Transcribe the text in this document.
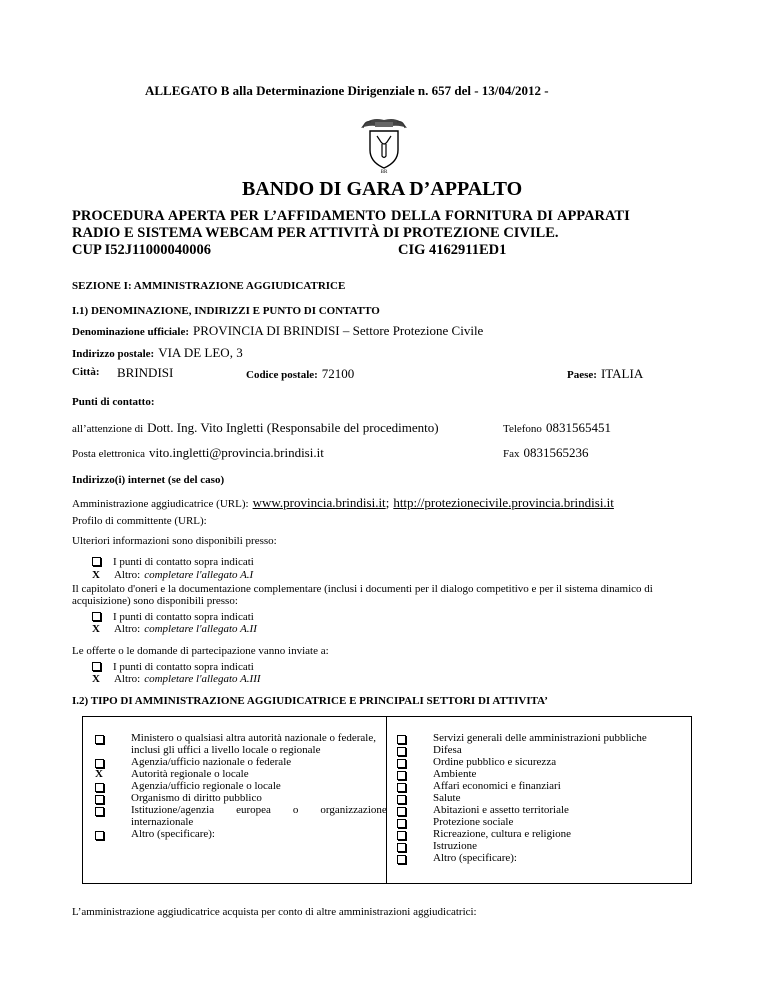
ALLEGATO B alla Determinazione Dirigenziale n. 657 del - 13/04/2012 -
BR
BANDO DI GARA D’APPALTO
PROCEDURA APERTA PER L’AFFIDAMENTO DELLA FORNITURA DI APPARATI
RADIO E SISTEMA WEBCAM PER ATTIVITÀ DI PROTEZIONE CIVILE.
CUP I52J11000040006	CIG 4162911ED1
SEZIONE I: AMMINISTRAZIONE AGGIUDICATRICE
I.1) DENOMINAZIONE, INDIRIZZI E PUNTO DI CONTATTO
Denominazione ufficiale: PROVINCIA DI BRINDISI – Settore Protezione Civile
Indirizzo postale: VIA DE LEO, 3
Città: BRINDISI	Codice postale: 72100	Paese: ITALIA
Punti di contatto:
all’attenzione di Dott. Ing. Vito Ingletti (Responsabile del procedimento)	Telefono 0831565451
Posta elettronica vito.ingletti@provincia.brindisi.it	Fax 0831565236
Indirizzo(i) internet (se del caso)
Amministrazione aggiudicatrice (URL): www.provincia.brindisi.it; http://protezionecivile.provincia.brindisi.it
Profilo di committente (URL):
Ulteriori informazioni sono disponibili presso:
I punti di contatto sopra indicati
X Altro: completare l'allegato A.I
Il capitolato d'oneri e la documentazione complementare (inclusi i documenti per il dialogo competitivo e per il sistema dinamico di
acquisizione) sono disponibili presso:
I punti di contatto sopra indicati
X Altro: completare l'allegato A.II
Le offerte o le domande di partecipazione vanno inviate a:
I punti di contatto sopra indicati
X Altro: completare l'allegato A.III
I.2) TIPO DI AMMINISTRAZIONE AGGIUDICATRICE E PRINCIPALI SETTORI DI ATTIVITA’
Ministero o qualsiasi altra autorità nazionale o federale,
inclusi gli uffici a livello locale o regionale
Agenzia/ufficio nazionale o federale
X	Autorità regionale o locale
Agenzia/ufficio regionale o locale
Organismo di diritto pubblico
Istituzione/agenzia        europea        o        organizzazione
internazionale
Altro (specificare):
Servizi generali delle amministrazioni pubbliche
Difesa
Ordine pubblico e sicurezza
Ambiente
Affari economici e finanziari
Salute
Abitazioni e assetto territoriale
Protezione sociale
Ricreazione, cultura e religione
Istruzione
Altro (specificare):
L’amministrazione aggiudicatrice acquista per conto di altre amministrazioni aggiudicatrici:
